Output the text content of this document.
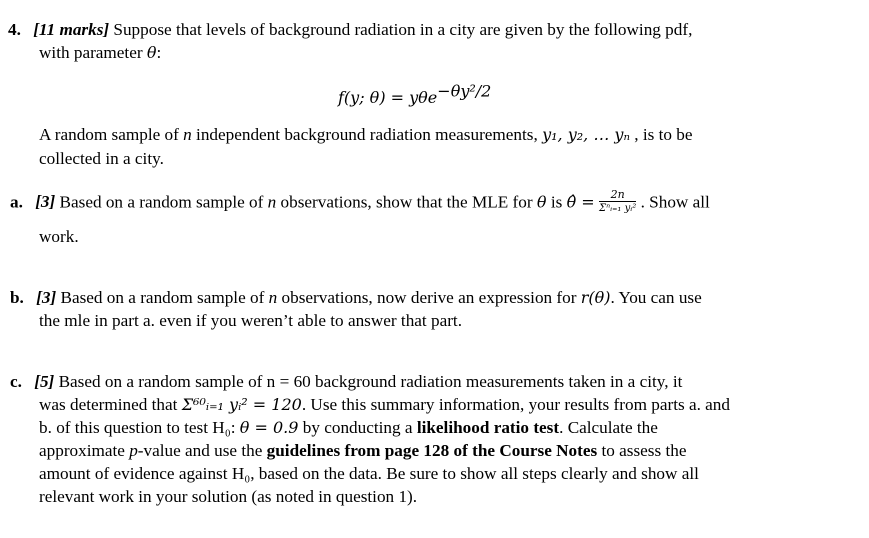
4. [11 marks] Suppose that levels of background radiation in a city are given by the following pdf,
with parameter θ:
f(y; θ) = yθe$^{-\theta y^2/2}$
A random sample of n independent background radiation measurements, y₁, y₂, … yₙ , is to be
collected in a city.
a. [3] Based on a random sample of n observations, show that the MLE for θ is θ̂ = $\frac{2n}{\text{Σⁿᵢ₌₁ yᵢ²}}$ . Show all
work.
b. [3] Based on a random sample of n observations, now derive an expression for r(θ). You can use
the mle in part a. even if you weren’t able to answer that part.
c. [5] Based on a random sample of n = 60 background radiation measurements taken in a city, it
was determined that Σ⁶⁰ᵢ₌₁ yᵢ² = 120. Use this summary information, your results from parts a. and
b. of this question to test H₀: θ = 0.9 by conducting a likelihood ratio test. Calculate the
approximate p-value and use the guidelines from page 128 of the Course Notes to assess the
amount of evidence against H₀, based on the data. Be sure to show all steps clearly and show all
relevant work in your solution (as noted in question 1).
